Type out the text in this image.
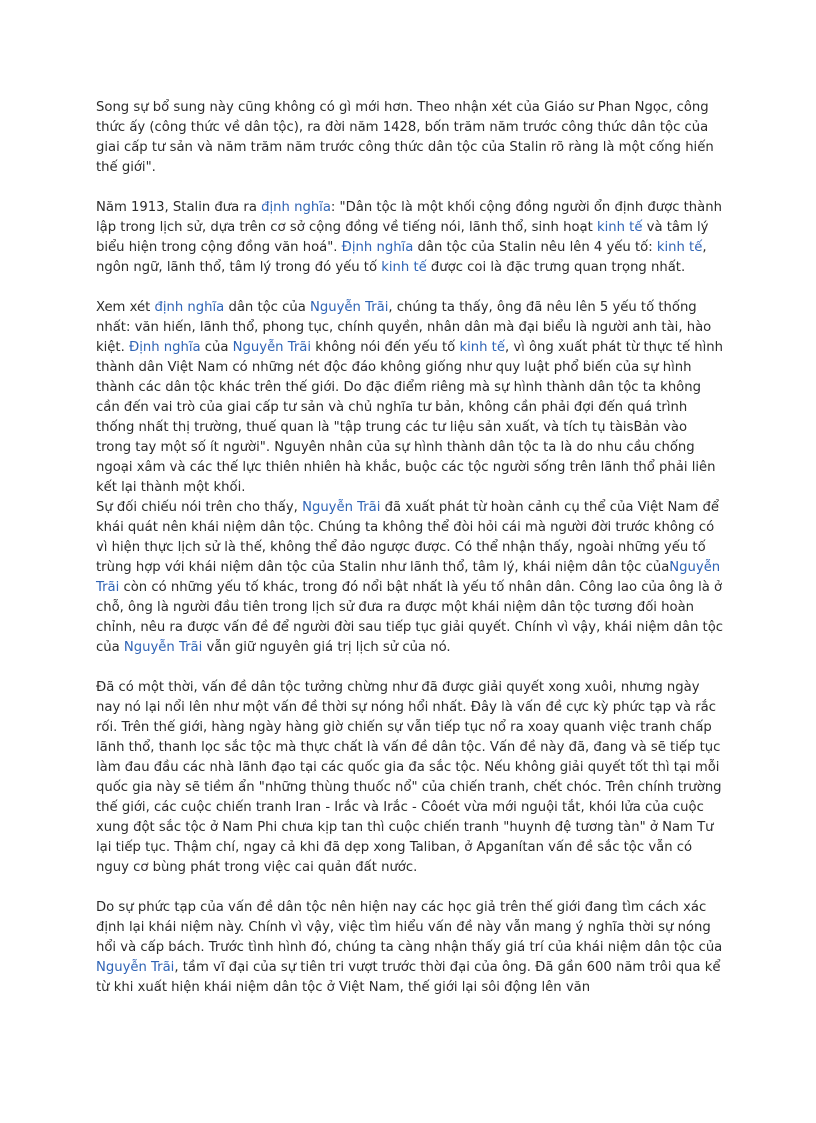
Song sự bổ sung này cũng không có gì mới hơn. Theo nhận xét của Giáo sư Phan Ngọc, công thức ấy (công thức về dân tộc), ra đời năm 1428, bốn trăm năm trước công thức dân tộc của giai cấp tư sản và năm trăm năm trước công thức dân tộc của Stalin rõ ràng là một cống hiến thế giới".

Năm 1913, Stalin đưa ra định nghĩa: "Dân tộc là một khối cộng đồng người ổn định được thành lập trong lịch sử, dựa trên cơ sở cộng đồng về tiếng nói, lãnh thổ, sinh hoạt kinh tế và tâm lý biểu hiện trong cộng đồng văn hoá". Định nghĩa dân tộc của Stalin nêu lên 4 yếu tố: kinh tế, ngôn ngữ, lãnh thổ, tâm lý trong đó yếu tố kinh tế được coi là đặc trưng quan trọng nhất.

Xem xét định nghĩa dân tộc của Nguyễn Trãi, chúng ta thấy, ông đã nêu lên 5 yếu tố thống nhất: văn hiến, lãnh thổ, phong tục, chính quyền, nhân dân mà đại biểu là người anh tài, hào kiệt. Định nghĩa của Nguyễn Trãi không nói đến yếu tố kinh tế, vì ông xuất phát từ thực tế hình thành dân Việt Nam có những nét độc đáo không giống như quy luật phổ biến của sự hình thành các dân tộc khác trên thế giới. Do đặc điểm riêng mà sự hình thành dân tộc ta không cần đến vai trò của giai cấp tư sản và chủ nghĩa tư bản, không cần phải đợi đến quá trình thống nhất thị trường, thuế quan là "tập trung các tư liệu sản xuất, và tích tụ tàisBản vào trong tay một số ít người". Nguyên nhân của sự hình thành dân tộc ta là do nhu cầu chống ngoại xâm và các thế lực thiên nhiên hà khắc, buộc các tộc người sống trên lãnh thổ phải liên kết lại thành một khối.

Sự đối chiếu nói trên cho thấy, Nguyễn Trãi đã xuất phát từ hoàn cảnh cụ thể của Việt Nam để khái quát nên khái niệm dân tộc. Chúng ta không thể đòi hỏi cái mà người đời trước không có vì hiện thực lịch sử là thế, không thể đảo ngược được. Có thể nhận thấy, ngoài những yếu tố trùng hợp với khái niệm dân tộc của Stalin như lãnh thổ, tâm lý, khái niệm dân tộc củaNguyễn Trãi còn có những yếu tố khác, trong đó nổi bật nhất là yếu tố nhân dân. Công lao của ông là ở chỗ, ông là người đầu tiên trong lịch sử đưa ra được một khái niệm dân tộc tương đối hoàn chỉnh, nêu ra được vấn đề để người đời sau tiếp tục giải quyết. Chính vì vậy, khái niệm dân tộc của Nguyễn Trãi vẫn giữ nguyên giá trị lịch sử của nó.

Đã có một thời, vấn đề dân tộc tưởng chừng như đã được giải quyết xong xuôi, nhưng ngày nay nó lại nổi lên như một vấn đề thời sự nóng hổi nhất. Đây là vấn đề cực kỳ phức tạp và rắc rối. Trên thế giới, hàng ngày hàng giờ chiến sự vẫn tiếp tục nổ ra xoay quanh việc tranh chấp lãnh thổ, thanh lọc sắc tộc mà thực chất là vấn đề dân tộc. Vấn đề này đã, đang và sẽ tiếp tục làm đau đầu các nhà lãnh đạo tại các quốc gia đa sắc tộc. Nếu không giải quyết tốt thì tại mỗi quốc gia này sẽ tiềm ẩn "những thùng thuốc nổ" của chiến tranh, chết chóc. Trên chính trường thế giới, các cuộc chiến tranh Iran - Irắc và Irắc - Côoét vừa mới nguội tắt, khói lửa của cuộc xung đột sắc tộc ở Nam Phi chưa kịp tan thì cuộc chiến tranh "huynh đệ tương tàn" ở Nam Tư lại tiếp tục. Thậm chí, ngay cả khi đã dẹp xong Taliban, ở Apganítan vấn đề sắc tộc vẫn có nguy cơ bùng phát trong việc cai quản đất nước.

Do sự phức tạp của vấn đề dân tộc nên hiện nay các học giả trên thế giới đang tìm cách xác định lại khái niệm này. Chính vì vậy, việc tìm hiểu vấn đề này vẫn mang ý nghĩa thời sự nóng hổi và cấp bách. Trước tình hình đó, chúng ta càng nhận thấy giá trí của khái niệm dân tộc của Nguyễn Trãi, tầm vĩ đại của sự tiên tri vượt trước thời đại của ông. Đã gần 600 năm trôi qua kể từ khi xuất hiện khái niệm dân tộc ở Việt Nam, thế giới lại sôi động lên văn
